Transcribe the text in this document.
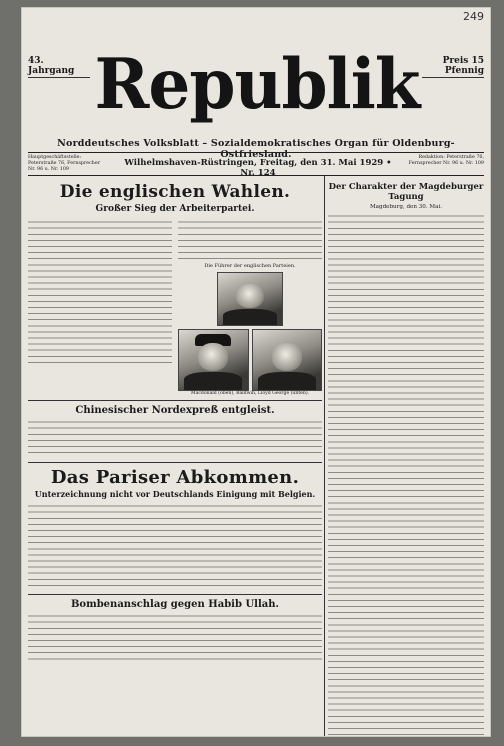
249
43. Jahrgang
Republik	Preis 15 Pfennig

Norddeutsches Volksblatt – Sozialdemokratisches Organ für Oldenburg-Ostfriesland.
Hauptgeschäftsstelle: Peterstraße 76, Fernsprecher Nr. 96 u. Nr. 109
Wilhelmshaven-Rüstringen, Freitag, den 31. Mai 1929 • Nr. 124
Redaktion: Peterstraße 76, Fernsprecher Nr. 96 u. Nr. 109
Die englischen Wahlen.
Großer Sieg der Arbeiterpartei.
Die Führer der englischen Parteien.
Macdonald (oben), Baldwin, Lloyd George (unten).
Chinesischer Nordexpreß entgleist.
Das Pariser Abkommen.
Unterzeichnung nicht vor Deutschlands Einigung mit Belgien.
Bombenanschlag gegen Habib Ullah.
Der Charakter der Magdeburger Tagung
Magdeburg, den 30. Mai.
